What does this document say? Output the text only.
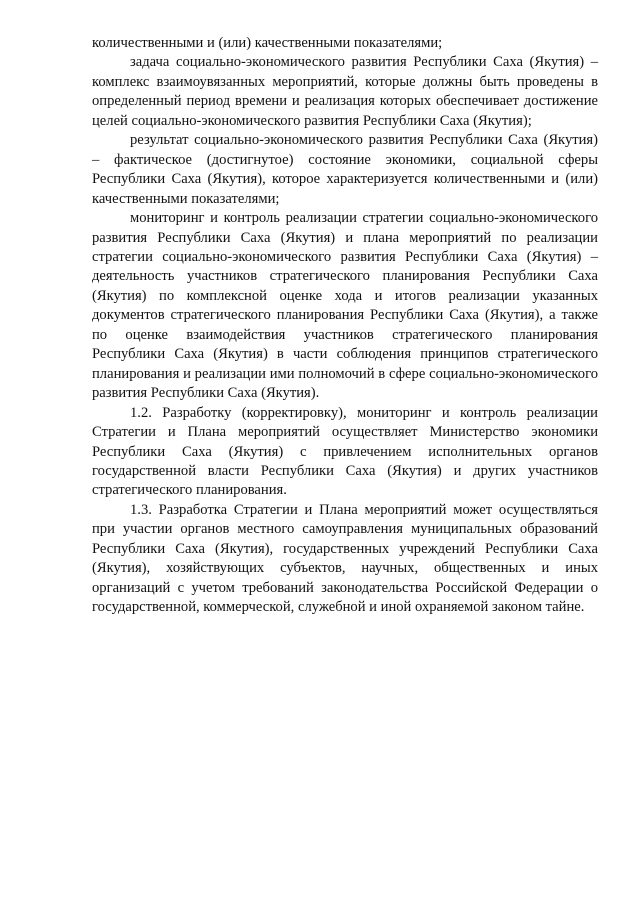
количественными и (или) качественными показателями;

задача социально-экономического развития Республики Саха (Якутия) – комплекс взаимоувязанных мероприятий, которые должны быть проведены в определенный период времени и реализация которых обеспечивает достижение целей социально-экономического развития Республики Саха (Якутия);

результат социально-экономического развития Республики Саха (Якутия) – фактическое (достигнутое) состояние экономики, социальной сферы Республики Саха (Якутия), которое характеризуется количественными и (или) качественными показателями;

мониторинг и контроль реализации стратегии социально-экономического развития Республики Саха (Якутия) и плана мероприятий по реализации стратегии социально-экономического развития Республики Саха (Якутия) – деятельность участников стратегического планирования Республики Саха (Якутия) по комплексной оценке хода и итогов реализации указанных документов стратегического планирования Республики Саха (Якутия), а также по оценке взаимодействия участников стратегического планирования Республики Саха (Якутия) в части соблюдения принципов стратегического планирования и реализации ими полномочий в сфере социально-экономического развития Республики Саха (Якутия).

1.2. Разработку (корректировку), мониторинг и контроль реализации Стратегии и Плана мероприятий осуществляет Министерство экономики Республики Саха (Якутия) с привлечением исполнительных органов государственной власти Республики Саха (Якутия) и других участников стратегического планирования.

1.3. Разработка Стратегии и Плана мероприятий может осуществляться при участии органов местного самоуправления муниципальных образований Республики Саха (Якутия), государственных учреждений Республики Саха (Якутия), хозяйствующих субъектов, научных, общественных и иных организаций с учетом требований законодательства Российской Федерации о государственной, коммерческой, служебной и иной охраняемой законом тайне.
